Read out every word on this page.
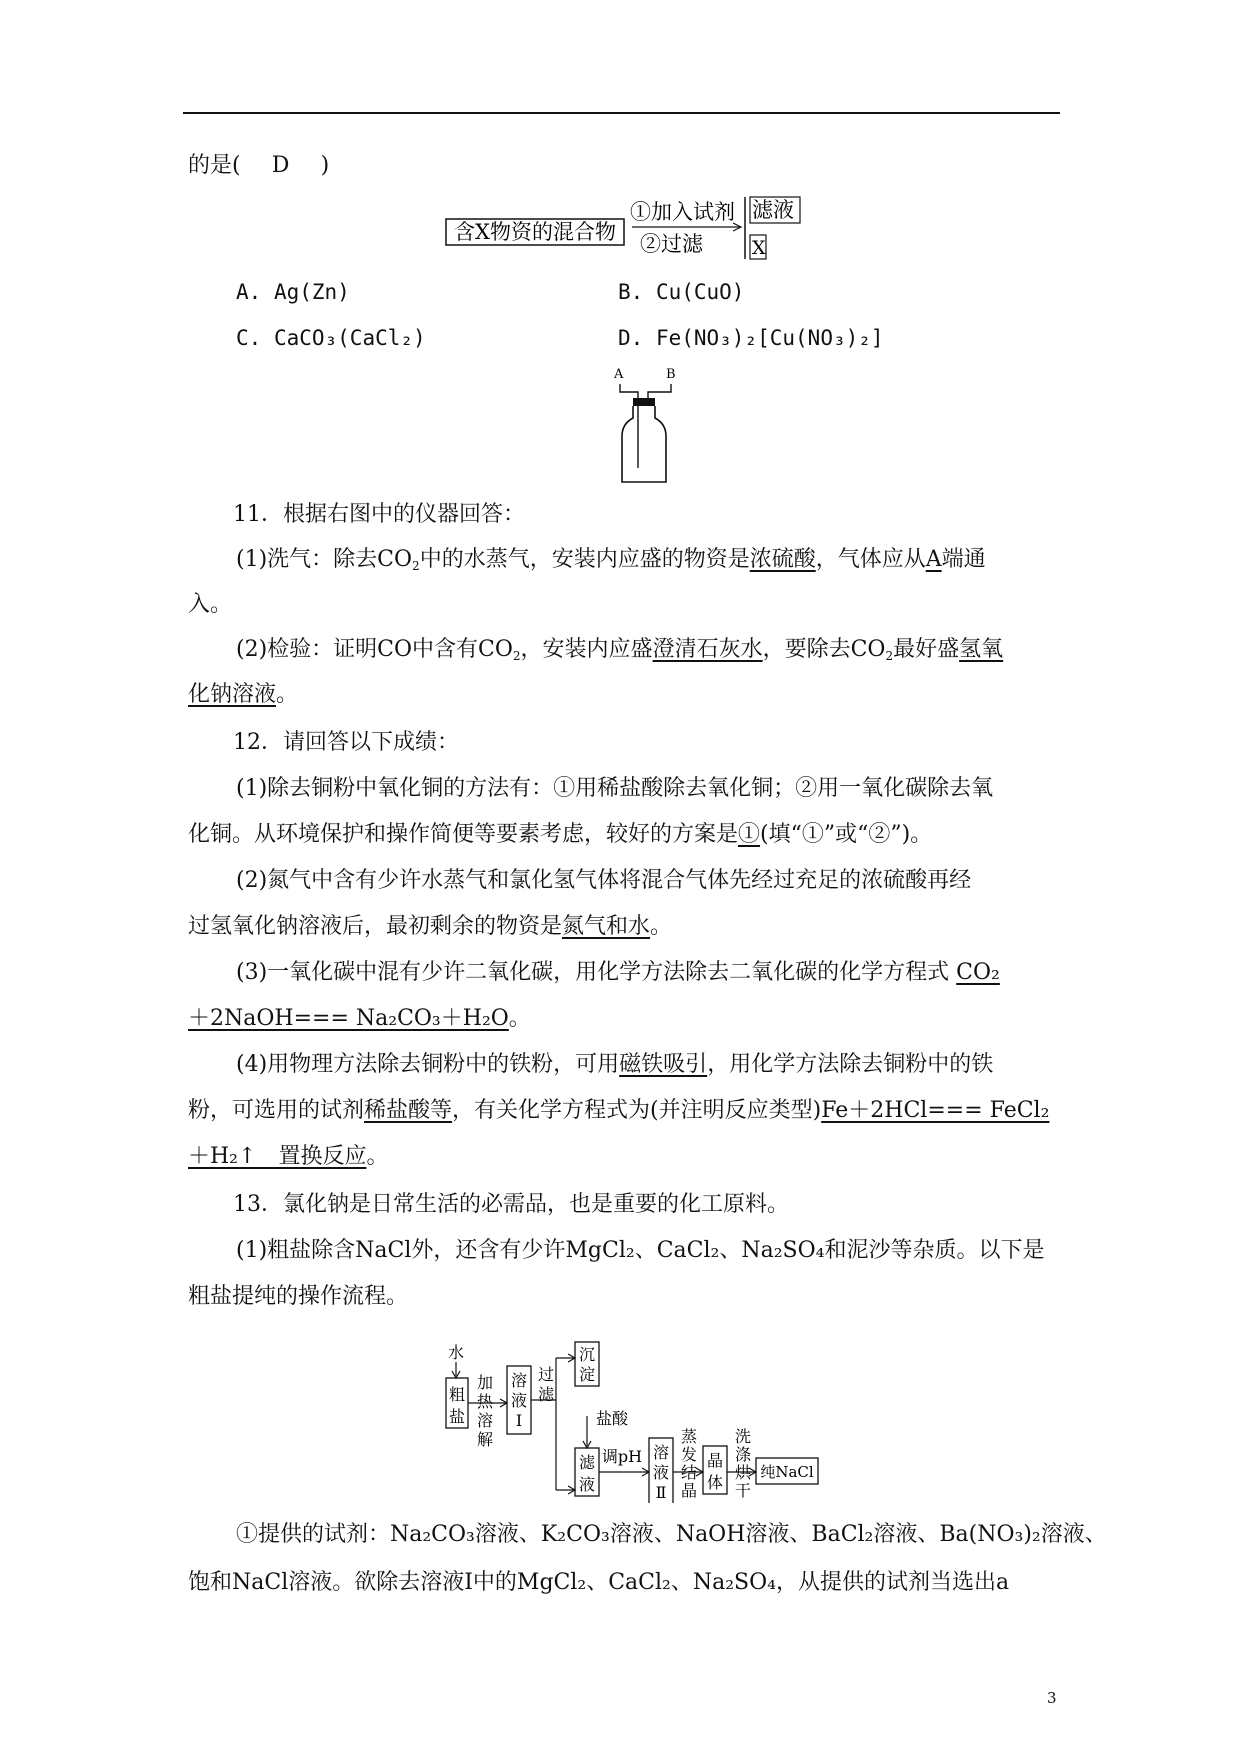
的是( D )
含X物资的混合物
①加入试剂
②过滤
滤液
X
A. Ag(Zn)	B. Cu(CuO)
C. CaCO₃(CaCl₂)	D. Fe(NO₃)₂[Cu(NO₃)₂]
A	B
11．根据右图中的仪器回答：
(1)洗气：除去$CO_2$中的水蒸气，安装内应盛的物资是浓硫酸，气体应从A端通
入。
(2)检验：证明CO中含有$CO_2$，安装内应盛澄清石灰水，要除去$CO_2$最好盛氢氧
化钠溶液。
12．请回答以下成绩：
(1)除去铜粉中氧化铜的方法有：①用稀盐酸除去氧化铜；②用一氧化碳除去氧
化铜。从环境保护和操作简便等要素考虑，较好的方案是①(填“①”或“②”)。
(2)氮气中含有少许水蒸气和氯化氢气体将混合气体先经过充足的浓硫酸再经
过氢氧化钠溶液后，最初剩余的物资是氮气和水。
(3)一氧化碳中混有少许二氧化碳，用化学方法除去二氧化碳的化学方程式 CO₂
＋2NaOH=== Na₂CO₃＋H₂O。
(4)用物理方法除去铜粉中的铁粉，可用磁铁吸引，用化学方法除去铜粉中的铁
粉，可选用的试剂稀盐酸等，有关化学方程式为(并注明反应类型)Fe＋2HCl=== FeCl₂
＋H₂↑　置换反应。
13．氯化钠是日常生活的必需品，也是重要的化工原料。
(1)粗盐除含NaCl外，还含有少许MgCl₂、CaCl₂、Na₂SO₄和泥沙等杂质。以下是
粗盐提纯的操作流程。
水
粗盐
加热溶解
溶液 Ⅰ
过滤
沉淀
盐酸
滤液
调pH 溶液 Ⅱ
蒸发结晶
晶体
洗涤烘干
纯NaCl
①提供的试剂：Na₂CO₃溶液、K₂CO₃溶液、NaOH溶液、BaCl₂溶液、Ba(NO₃)₂溶液、
饱和NaCl溶液。欲除去溶液Ⅰ中的MgCl₂、CaCl₂、Na₂SO₄，从提供的试剂当选出a
3
